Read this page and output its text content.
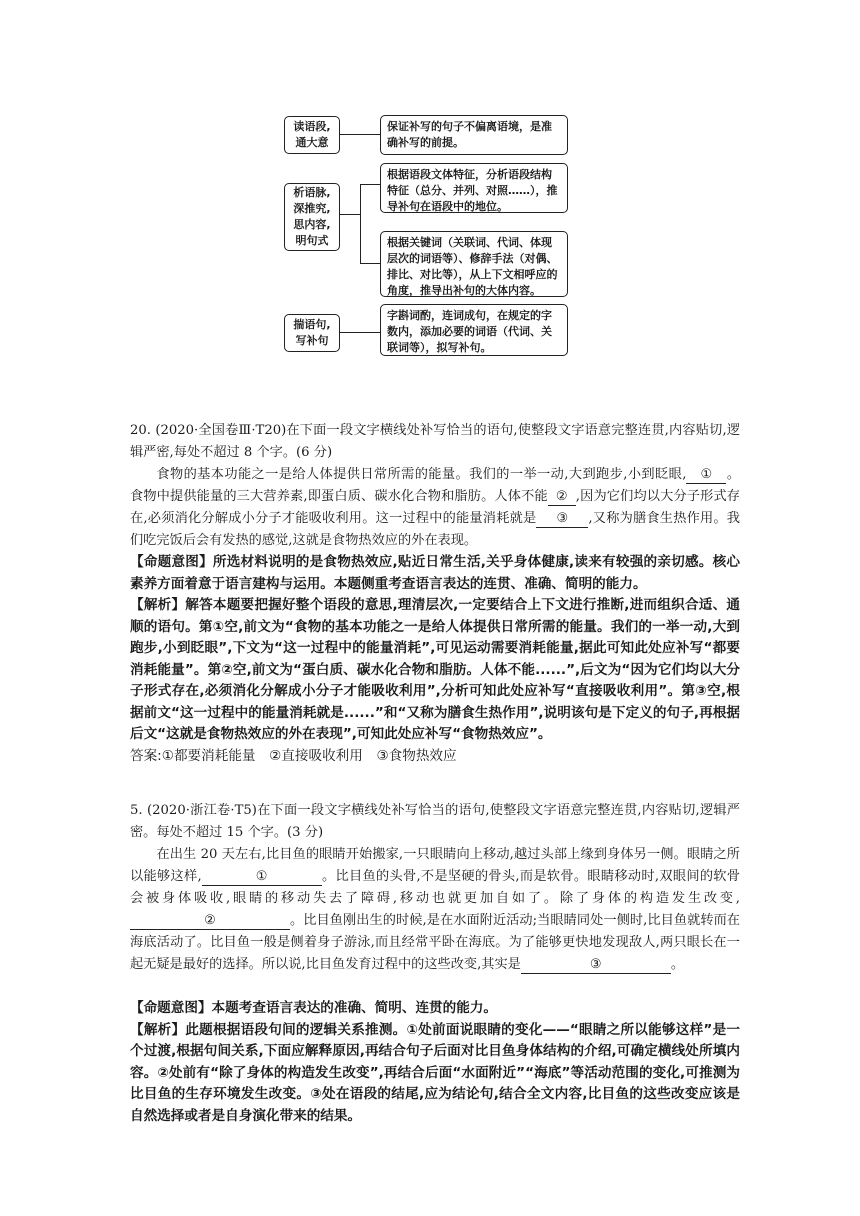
读语段,通大意
保证补写的句子不偏离语境，是准确补写的前提。
析语脉,深推究,思内容,明句式
根据语段文体特征，分析语段结构特征（总分、并列、对照……），推导补句在语段中的地位。
根据关键词（关联词、代词、体现层次的词语等）、修辞手法（对偶、排比、对比等），从上下文相呼应的角度，推导出补句的大体内容。
揣语句,写补句
字斟词酌，连词成句，在规定的字数内，添加必要的词语（代词、关联词等），拟写补句。

20. (2020·全国卷Ⅲ·T20)在下面一段文字横线处补写恰当的语句,使整段文字语意完整连贯,内容贴切,逻辑严密,每处不超过 8 个字。(6 分)

食物的基本功能之一是给人体提供日常所需的能量。我们的一举一动,大到跑步,小到眨眼, ① 。 食物中提供能量的三大营养素,即蛋白质、碳水化合物和脂肪。人体不能 ② ,因为它们均以大分子形式存在,必须消化分解成小分子才能吸收利用。这一过程中的能量消耗就是 ③ ,又称为膳食生热作用。我们吃完饭后会有发热的感觉,这就是食物热效应的外在表现。

【命题意图】所选材料说明的是食物热效应,贴近日常生活,关乎身体健康,读来有较强的亲切感。核心素养方面着意于语言建构与运用。本题侧重考查语言表达的连贯、准确、简明的能力。

【解析】解答本题要把握好整个语段的意思,理清层次,一定要结合上下文进行推断,进而组织合适、通顺的语句。第①空,前文为“食物的基本功能之一是给人体提供日常所需的能量。我们的一举一动,大到跑步,小到眨眼”,下文为“这一过程中的能量消耗”,可见运动需要消耗能量,据此可知此处应补写“都要消耗能量”。第②空,前文为“蛋白质、碳水化合物和脂肪。人体不能......”,后文为“因为它们均以大分子形式存在,必须消化分解成小分子才能吸收利用”,分析可知此处应补写“直接吸收利用”。第③空,根据前文“这一过程中的能量消耗就是......”和“又称为膳食生热作用”,说明该句是下定义的句子,再根据后文“这就是食物热效应的外在表现”,可知此处应补写“食物热效应”。

答案:①都要消耗能量　②直接吸收利用　③食物热效应

5. (2020·浙江卷·T5)在下面一段文字横线处补写恰当的语句,使整段文字语意完整连贯,内容贴切,逻辑严密。每处不超过 15 个字。(3 分)

在出生 20 天左右,比目鱼的眼睛开始搬家,一只眼睛向上移动,越过头部上缘到身体另一侧。眼睛之所以能够这样,	①	。比目鱼的头骨,不是坚硬的骨头,而是软骨。眼睛移动时,双眼间的软骨会被身体吸收,眼睛的移动失去了障碍,移动也就更加自如了。除了身体的构造发生改变,②	。比目鱼刚出生的时候,是在水面附近活动;当眼睛同处一侧时,比目鱼就转而在海底活动了。比目鱼一般是侧着身子游泳,而且经常平卧在海底。为了能够更快地发现敌人,两只眼长在一起无疑是最好的选择。所以说,比目鱼发育过程中的这些改变,其实是	③	。

【命题意图】本题考查语言表达的准确、简明、连贯的能力。

【解析】此题根据语段句间的逻辑关系推测。①处前面说眼睛的变化——“眼睛之所以能够这样”是一个过渡,根据句间关系,下面应解释原因,再结合句子后面对比目鱼身体结构的介绍,可确定横线处所填内容。②处前有“除了身体的构造发生改变”,再结合后面“水面附近”“海底”等活动范围的变化,可推测为比目鱼的生存环境发生改变。③处在语段的结尾,应为结论句,结合全文内容,比目鱼的这些改变应该是自然选择或者是自身演化带来的结果。
